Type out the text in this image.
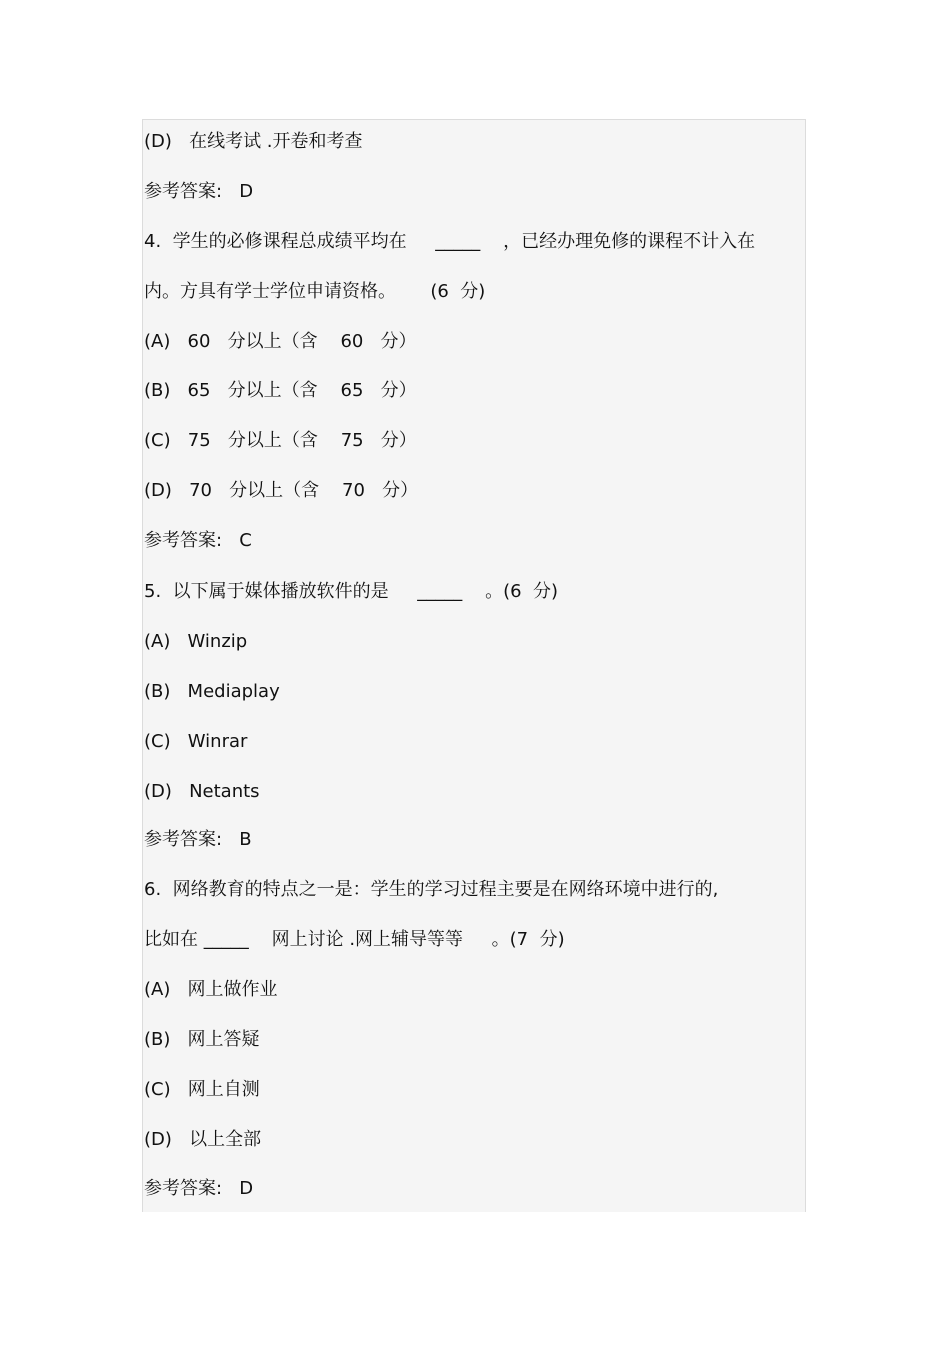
(D)   在线考试 .开卷和考查
参考答案:   D
4.  学生的必修课程总成绩平均在     _____    ，已经办理免修的课程不计入在
内。方具有学士学位申请资格。      (6  分)
(A)   60   分以上（含    60   分）
(B)   65   分以上（含    65   分）
(C)   75   分以上（含    75   分）
(D)   70   分以上（含    70   分）
参考答案:   C
5.  以下属于媒体播放软件的是     _____    。(6  分)
(A)   Winzip
(B)   Mediaplay
(C)   Winrar
(D)   Netants
参考答案:   B
6.  网络教育的特点之一是：学生的学习过程主要是在网络环境中进行的,
比如在 _____    网上讨论 .网上辅导等等     。(7  分)
(A)   网上做作业
(B)   网上答疑
(C)   网上自测
(D)   以上全部
参考答案:   D
